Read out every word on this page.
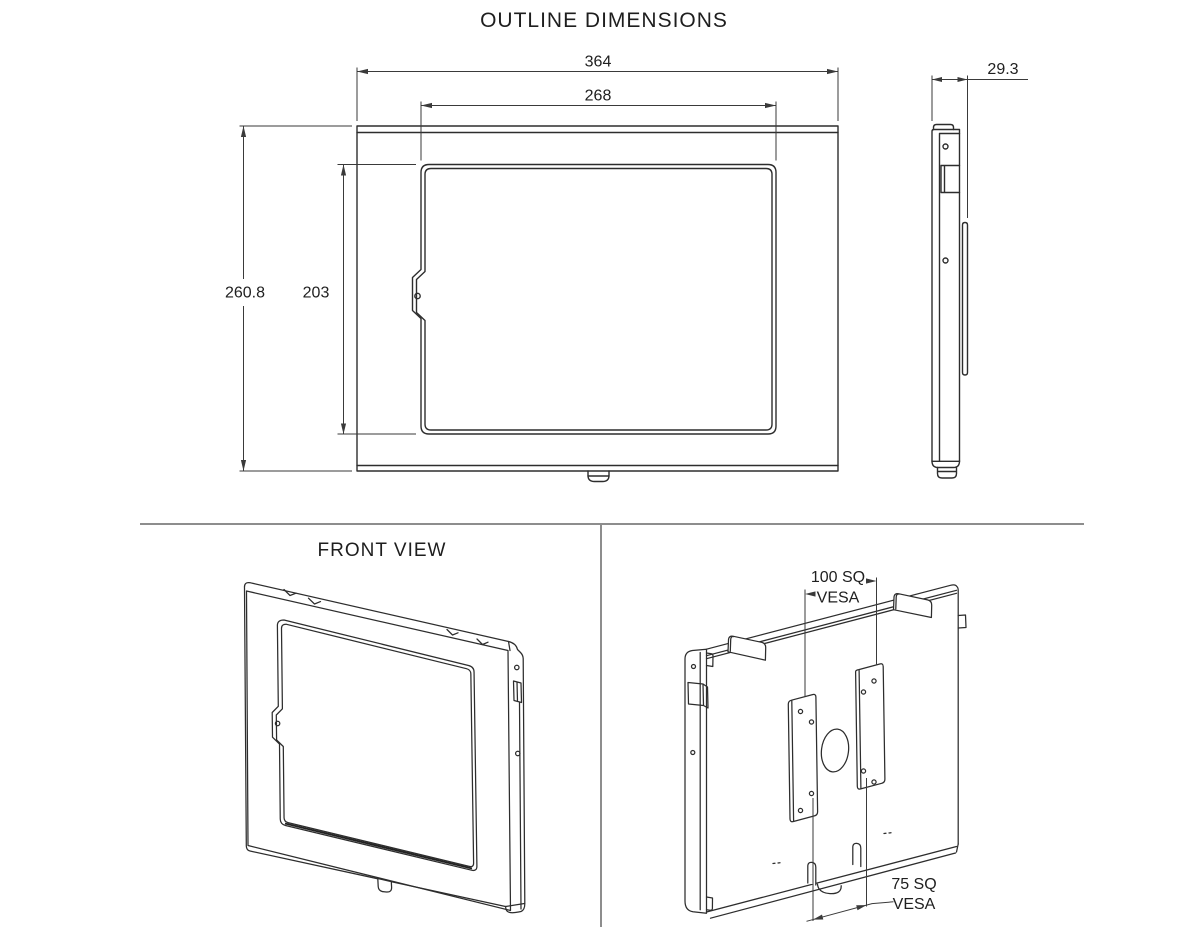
OUTLINE DIMENSIONS
364
268
260.8 203
29.3
FRONT VIEW
100 SQ
VESA
75 SQ
VESA
